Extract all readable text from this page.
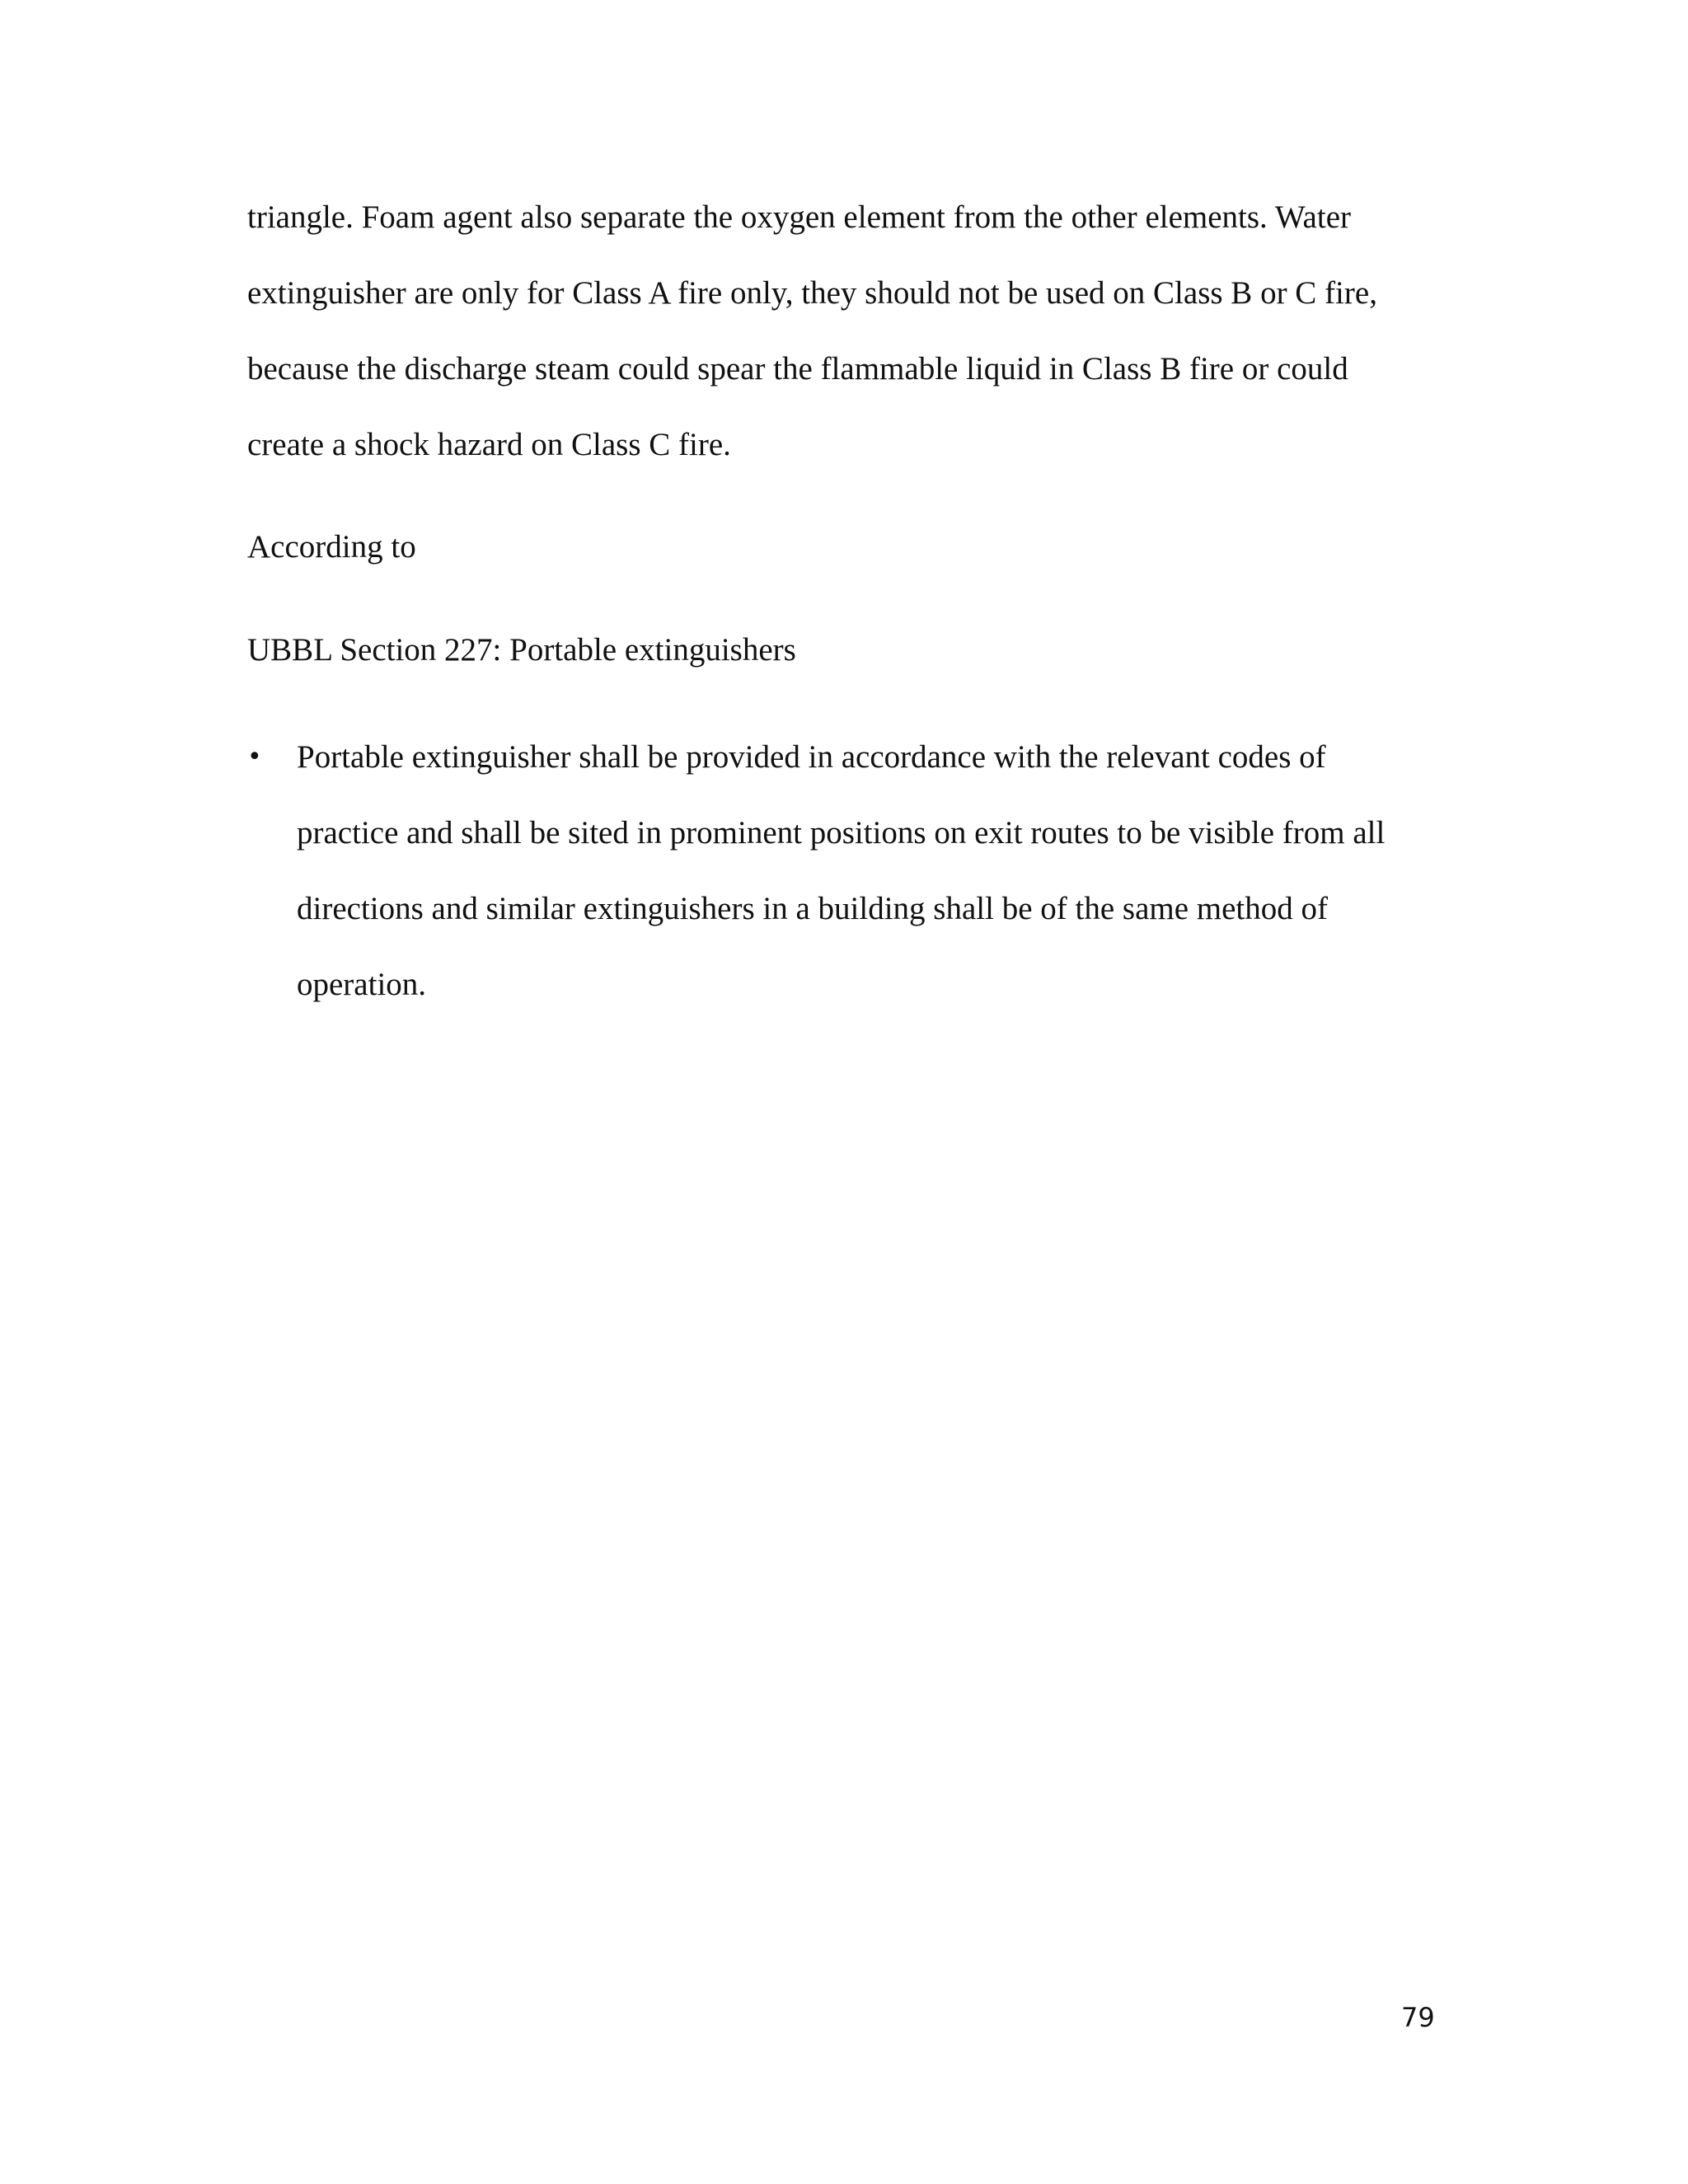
triangle. Foam agent also separate the oxygen element from the other elements. Water
extinguisher are only for Class A fire only, they should not be used on Class B or C fire,
because the discharge steam could spear the flammable liquid in Class B fire or could
create a shock hazard on Class C fire.

According to

UBBL Section 227: Portable extinguishers

• Portable extinguisher shall be provided in accordance with the relevant codes of
practice and shall be sited in prominent positions on exit routes to be visible from all
directions and similar extinguishers in a building shall be of the same method of
operation.
79
